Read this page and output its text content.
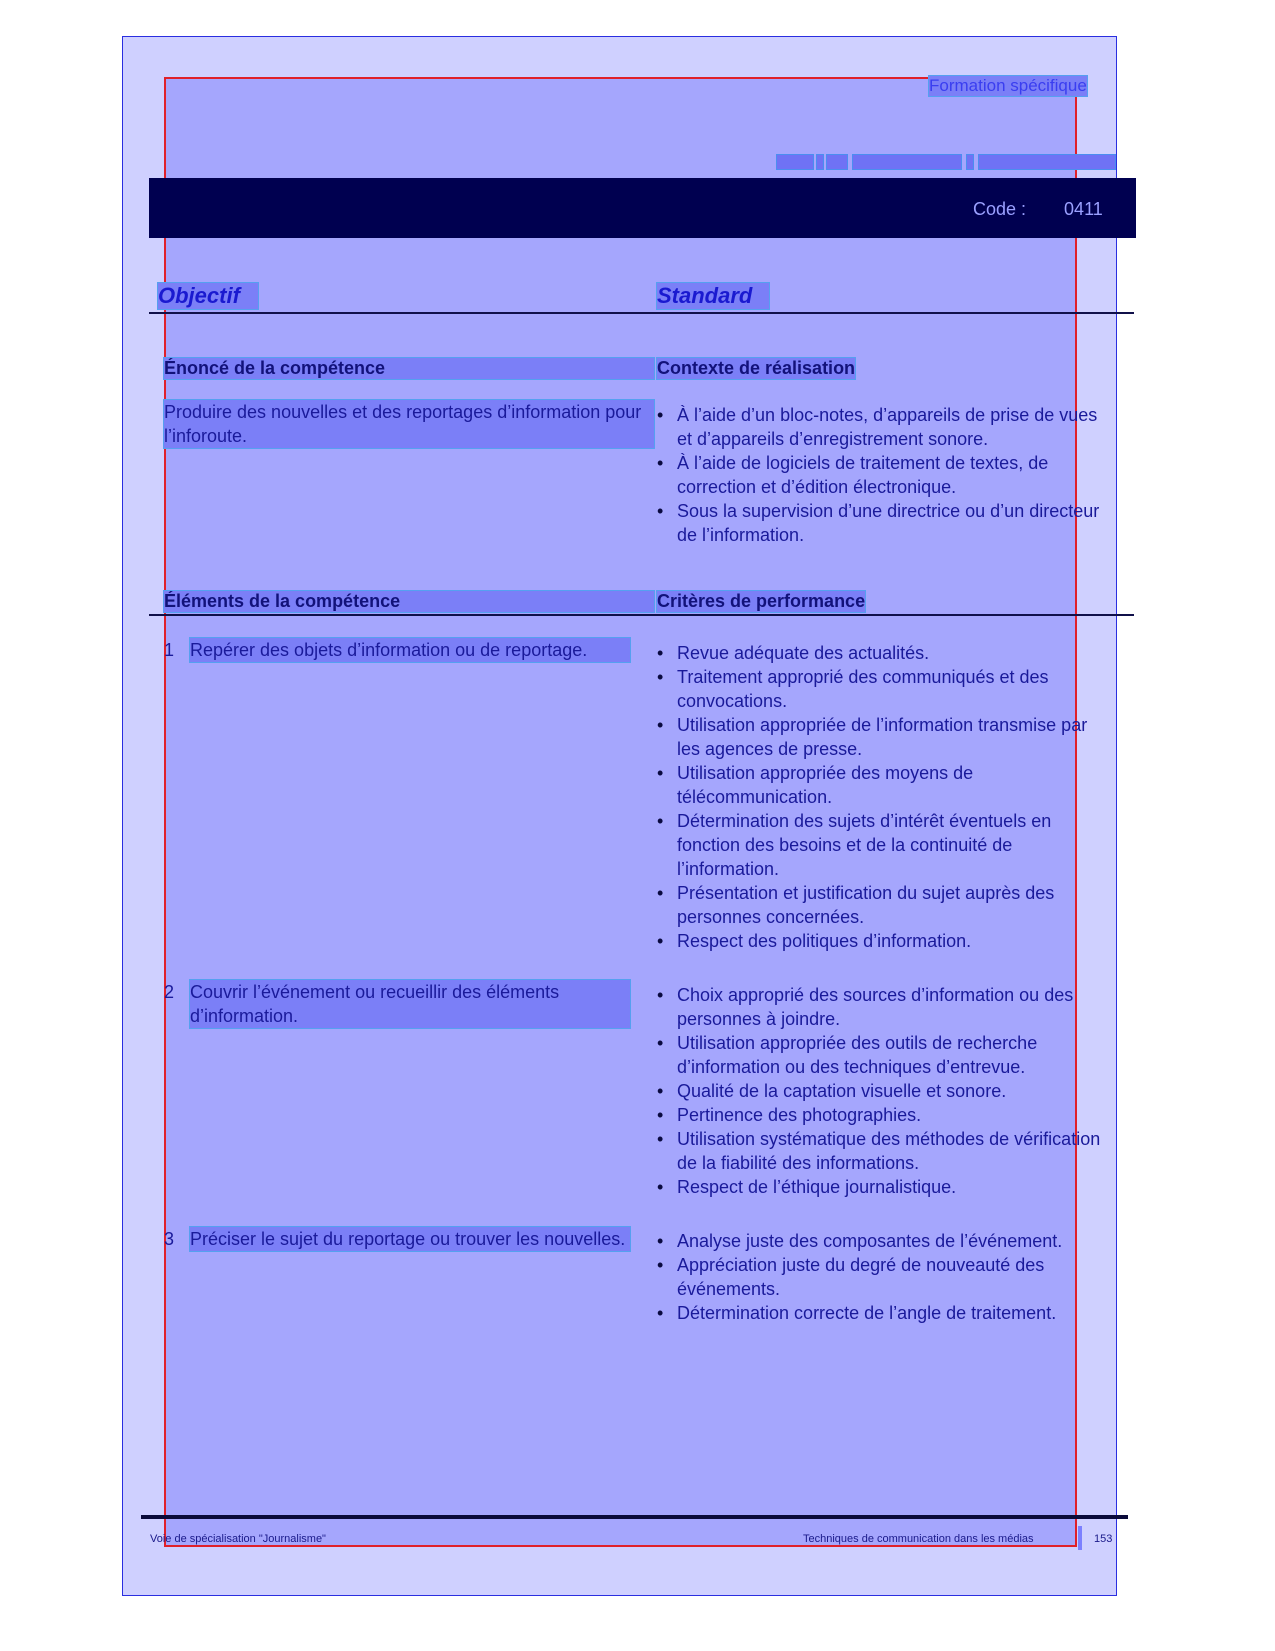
Formation spécifique
Code : 0411
Objectif	Standard
Énoncé de la compétence	Contexte de réalisation
Produire des nouvelles et des reportages d’information pour l’inforoute.
• À l’aide d’un bloc-notes, d’appareils de prise de vues et d’appareils d’enregistrement sonore.
• À l’aide de logiciels de traitement de textes, de correction et d’édition électronique.
• Sous la supervision d’une directrice ou d’un directeur de l’information.
Éléments de la compétence	Critères de performance
1 Repérer des objets d’information ou de reportage.	• Revue adéquate des actualités.
• Traitement approprié des communiqués et des convocations.
• Utilisation appropriée de l’information transmise par les agences de presse.
• Utilisation appropriée des moyens de télécommunication.
• Détermination des sujets d’intérêt éventuels en fonction des besoins et de la continuité de l’information.
• Présentation et justification du sujet auprès des personnes concernées.
• Respect des politiques d’information.
2 Couvrir l’événement ou recueillir des éléments d’information.
• Choix approprié des sources d’information ou des personnes à joindre.
• Utilisation appropriée des outils de recherche d’information ou des techniques d’entrevue.
• Qualité de la captation visuelle et sonore.
• Pertinence des photographies.
• Utilisation systématique des méthodes de vérification de la fiabilité des informations.
• Respect de l’éthique journalistique.
3 Préciser le sujet du reportage ou trouver les nouvelles.	• Analyse juste des composantes de l’événement.
• Appréciation juste du degré de nouveauté des événements.
• Détermination correcte de l’angle de traitement.
Voie de spécialisation "Journalisme"	Techniques de communication dans les médias	153
